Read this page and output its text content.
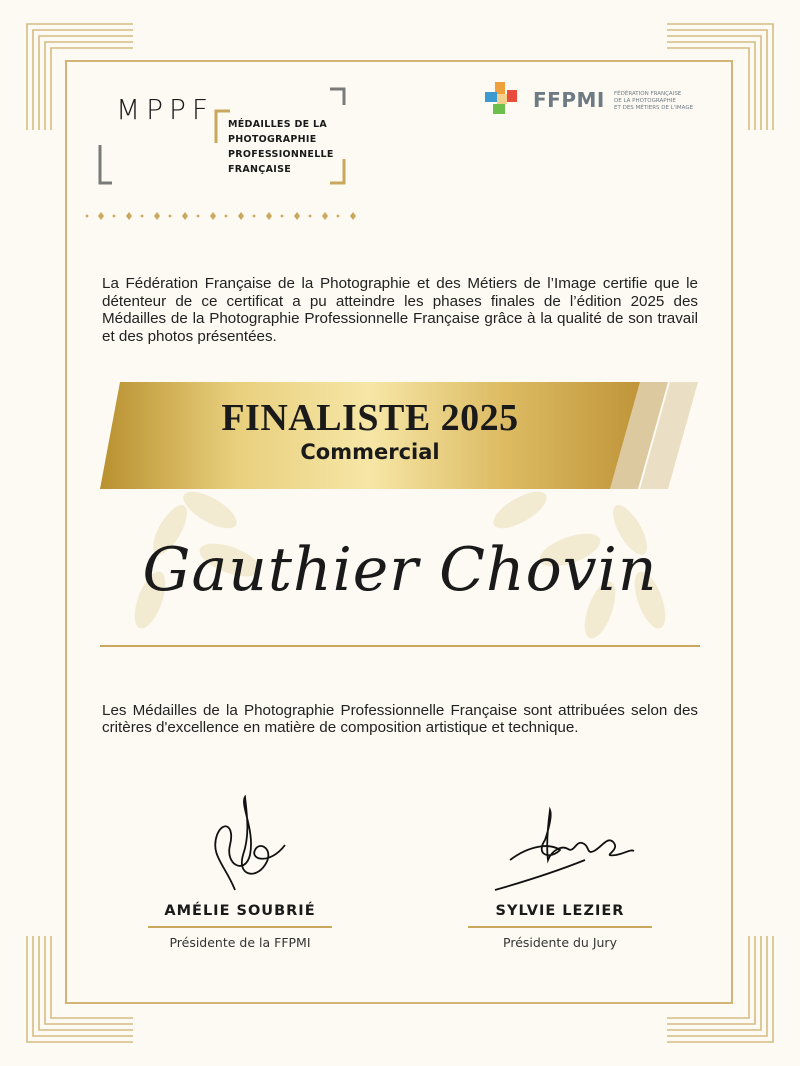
MPPF MÉDAILLES DE LA
PHOTOGRAPHIE
PROFESSIONNELLE
FRANÇAISE
FFPMI FÉDÉRATION FRANÇAISE
DE LA PHOTOGRAPHIE
ET DES MÉTIERS DE L'IMAGE
La Fédération Française de la Photographie et des Métiers de l’Image certifie que le détenteur de ce certificat a pu atteindre les phases finales de l’édition 2025 des Médailles de la Photographie Professionnelle Française grâce à la qualité de son travail et des photos présentées.
FINALISTE 2025
Commercial
Gauthier Chovin
Les Médailles de la Photographie Professionnelle Française sont attribuées selon des critères d'excellence en matière de composition artistique et technique.
AMÉLIE SOUBRIÉ
Présidente de la FFPMI
SYLVIE LEZIER
Présidente du Jury
